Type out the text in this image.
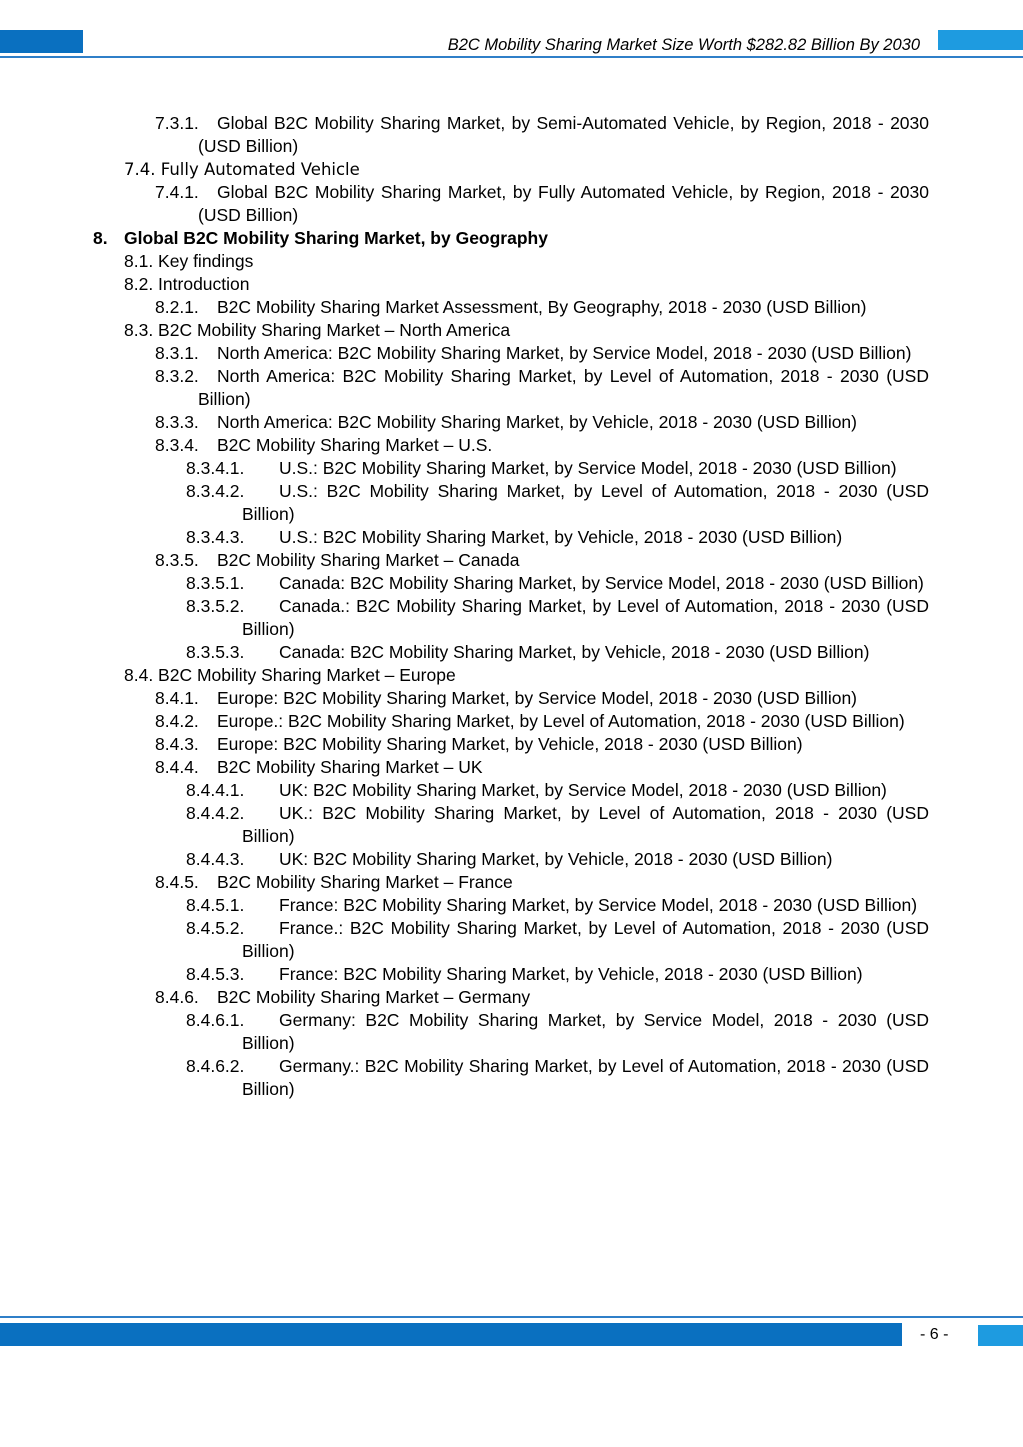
B2C Mobility Sharing Market Size Worth $282.82 Billion By 2030
7.3.1.	Global B2C Mobility Sharing Market, by Semi-Automated Vehicle, by Region, 2018 - 2030 (USD Billion)
7.4. Fully Automated Vehicle
7.4.1.	Global B2C Mobility Sharing Market, by Fully Automated Vehicle, by Region, 2018 - 2030 (USD Billion)
8. Global B2C Mobility Sharing Market, by Geography
8.1. Key findings
8.2. Introduction
8.2.1.	B2C Mobility Sharing Market Assessment, By Geography, 2018 - 2030 (USD Billion)
8.3. B2C Mobility Sharing Market – North America
8.3.1.	North America: B2C Mobility Sharing Market, by Service Model, 2018 - 2030 (USD Billion)
8.3.2.	North America: B2C Mobility Sharing Market, by Level of Automation, 2018 - 2030 (USD Billion)
8.3.3.	North America: B2C Mobility Sharing Market, by Vehicle, 2018 - 2030 (USD Billion)
8.3.4.	B2C Mobility Sharing Market – U.S.
8.3.4.1.	U.S.: B2C Mobility Sharing Market, by Service Model, 2018 - 2030 (USD Billion)
8.3.4.2.	U.S.: B2C Mobility Sharing Market, by Level of Automation, 2018 - 2030 (USD Billion)
8.3.4.3.	U.S.: B2C Mobility Sharing Market, by Vehicle, 2018 - 2030 (USD Billion)
8.3.5.	B2C Mobility Sharing Market – Canada
8.3.5.1.	Canada: B2C Mobility Sharing Market, by Service Model, 2018 - 2030 (USD Billion)
8.3.5.2.	Canada.: B2C Mobility Sharing Market, by Level of Automation, 2018 - 2030 (USD Billion)
8.3.5.3.	Canada: B2C Mobility Sharing Market, by Vehicle, 2018 - 2030 (USD Billion)
8.4. B2C Mobility Sharing Market – Europe
8.4.1.	Europe: B2C Mobility Sharing Market, by Service Model, 2018 - 2030 (USD Billion)
8.4.2.	Europe.: B2C Mobility Sharing Market, by Level of Automation, 2018 - 2030 (USD Billion)
8.4.3.	Europe: B2C Mobility Sharing Market, by Vehicle, 2018 - 2030 (USD Billion)
8.4.4.	B2C Mobility Sharing Market – UK
8.4.4.1.	UK: B2C Mobility Sharing Market, by Service Model, 2018 - 2030 (USD Billion)
8.4.4.2.	UK.: B2C Mobility Sharing Market, by Level of Automation, 2018 - 2030 (USD Billion)
8.4.4.3.	UK: B2C Mobility Sharing Market, by Vehicle, 2018 - 2030 (USD Billion)
8.4.5.	B2C Mobility Sharing Market – France
8.4.5.1.	France: B2C Mobility Sharing Market, by Service Model, 2018 - 2030 (USD Billion)
8.4.5.2.	France.: B2C Mobility Sharing Market, by Level of Automation, 2018 - 2030 (USD Billion)
8.4.5.3.	France: B2C Mobility Sharing Market, by Vehicle, 2018 - 2030 (USD Billion)
8.4.6.	B2C Mobility Sharing Market – Germany
8.4.6.1.	Germany: B2C Mobility Sharing Market, by Service Model, 2018 - 2030 (USD Billion)
8.4.6.2.	Germany.: B2C Mobility Sharing Market, by Level of Automation, 2018 - 2030 (USD Billion)
- 6 -
